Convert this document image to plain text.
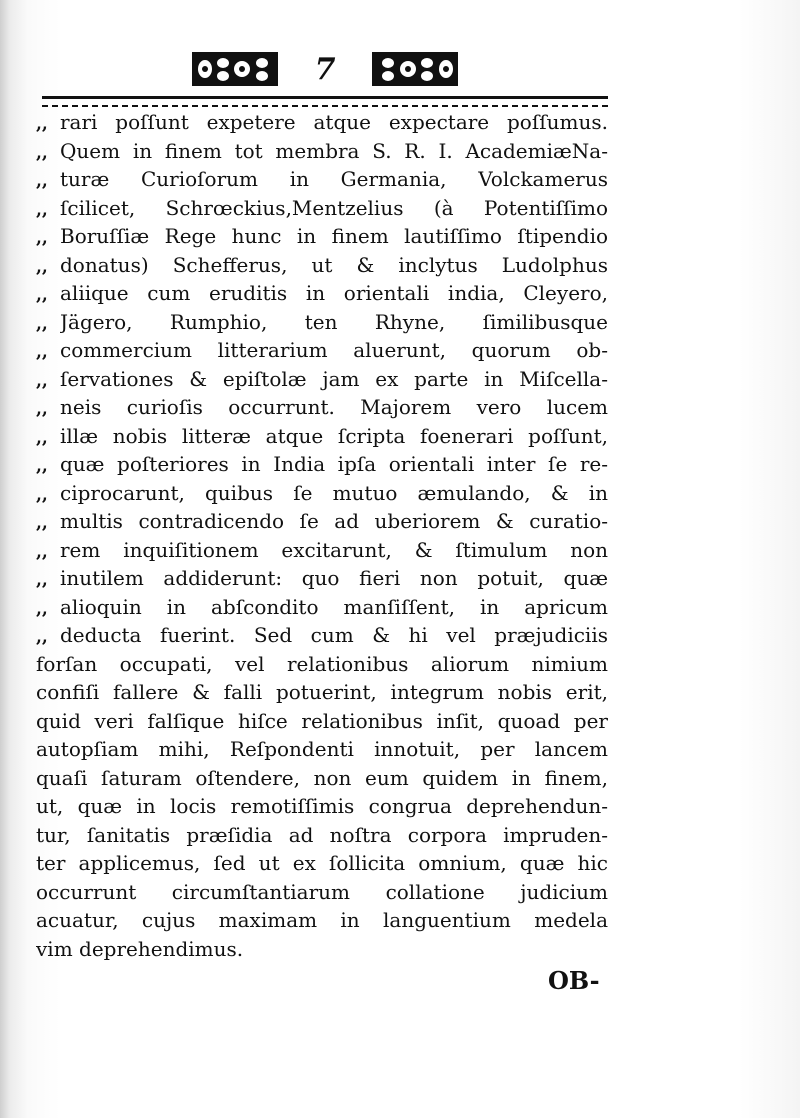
7
,, rari poſſunt expetere atque expectare poſſumus.
,, Quem in finem tot membra S. R. I. AcademiæNa-
,, turæ Curioſorum in Germania, Volckamerus
,, ſcilicet, Schrœckius,Mentzelius (à Potentiſſimo
,, Boruſſiæ Rege hunc in finem lautiſſimo ſtipendio
,, donatus) Schefferus, ut & inclytus Ludolphus
,, aliique cum eruditis in orientali india, Cleyero,
,, Jägero, Rumphio, ten Rhyne, ſimilibusque
,, commercium litterarium aluerunt, quorum ob-
,, ſervationes & epiſtolæ jam ex parte in Miſcella-
,, neis curioſis occurrunt. Majorem vero lucem
,, illæ nobis litteræ atque ſcripta foenerari poſſunt,
,, quæ poſteriores in India ipſa orientali inter ſe re-
,, ciprocarunt, quibus ſe mutuo æmulando, & in
,, multis contradicendo ſe ad uberiorem & curatio-
,, rem inquiſitionem excitarunt, & ſtimulum non
,, inutilem addiderunt: quo fieri non potuit, quæ
,, alioquin in abſcondito manſiſſent, in apricum
,, deducta fuerint. Sed cum & hi vel præjudiciis
forſan occupati, vel relationibus aliorum nimium
confiſi fallere & falli potuerint, integrum nobis erit,
quid veri falſique hiſce relationibus inſit, quoad per
autopſiam mihi, Reſpondenti innotuit, per lancem
quaſi ſaturam oſtendere, non eum quidem in finem,
ut, quæ in locis remotiſſimis congrua deprehendun-
tur, ſanitatis præſidia ad noſtra corpora impruden-
ter applicemus, ſed ut ex ſollicita omnium, quæ hic
occurrunt circumſtantiarum collatione judicium
acuatur, cujus maximam in languentium medela
vim deprehendimus.
OB-
